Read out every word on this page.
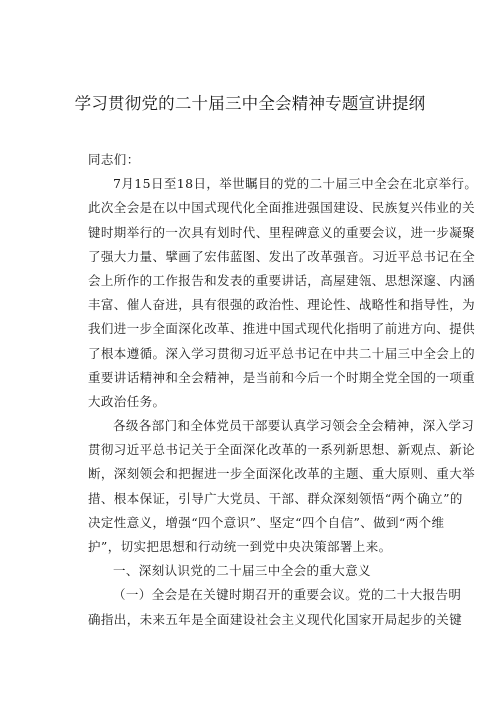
学习贯彻党的二十届三中全会精神专题宣讲提纲
同志们：
7月15日至18日，举世瞩目的党的二十届三中全会在北京举行。
此次全会是在以中国式现代化全面推进强国建设、民族复兴伟业的关
键时期举行的一次具有划时代、里程碑意义的重要会议，进一步凝聚
了强大力量、擘画了宏伟蓝图、发出了改革强音。习近平总书记在全
会上所作的工作报告和发表的重要讲话，高屋建瓴、思想深邃、内涵
丰富、催人奋进，具有很强的政治性、理论性、战略性和指导性，为
我们进一步全面深化改革、推进中国式现代化指明了前进方向、提供
了根本遵循。深入学习贯彻习近平总书记在中共二十届三中全会上的
重要讲话精神和全会精神，是当前和今后一个时期全党全国的一项重
大政治任务。
各级各部门和全体党员干部要认真学习领会全会精神，深入学习
贯彻习近平总书记关于全面深化改革的一系列新思想、新观点、新论
断，深刻领会和把握进一步全面深化改革的主题、重大原则、重大举
措、根本保证，引导广大党员、干部、群众深刻领悟“两个确立”的
决定性意义，增强“四个意识”、坚定“四个自信”、做到“两个维
护”，切实把思想和行动统一到党中央决策部署上来。
一、深刻认识党的二十届三中全会的重大意义
（一）全会是在关键时期召开的重要会议。党的二十大报告明
确指出，未来五年是全面建设社会主义现代化国家开局起步的关键
